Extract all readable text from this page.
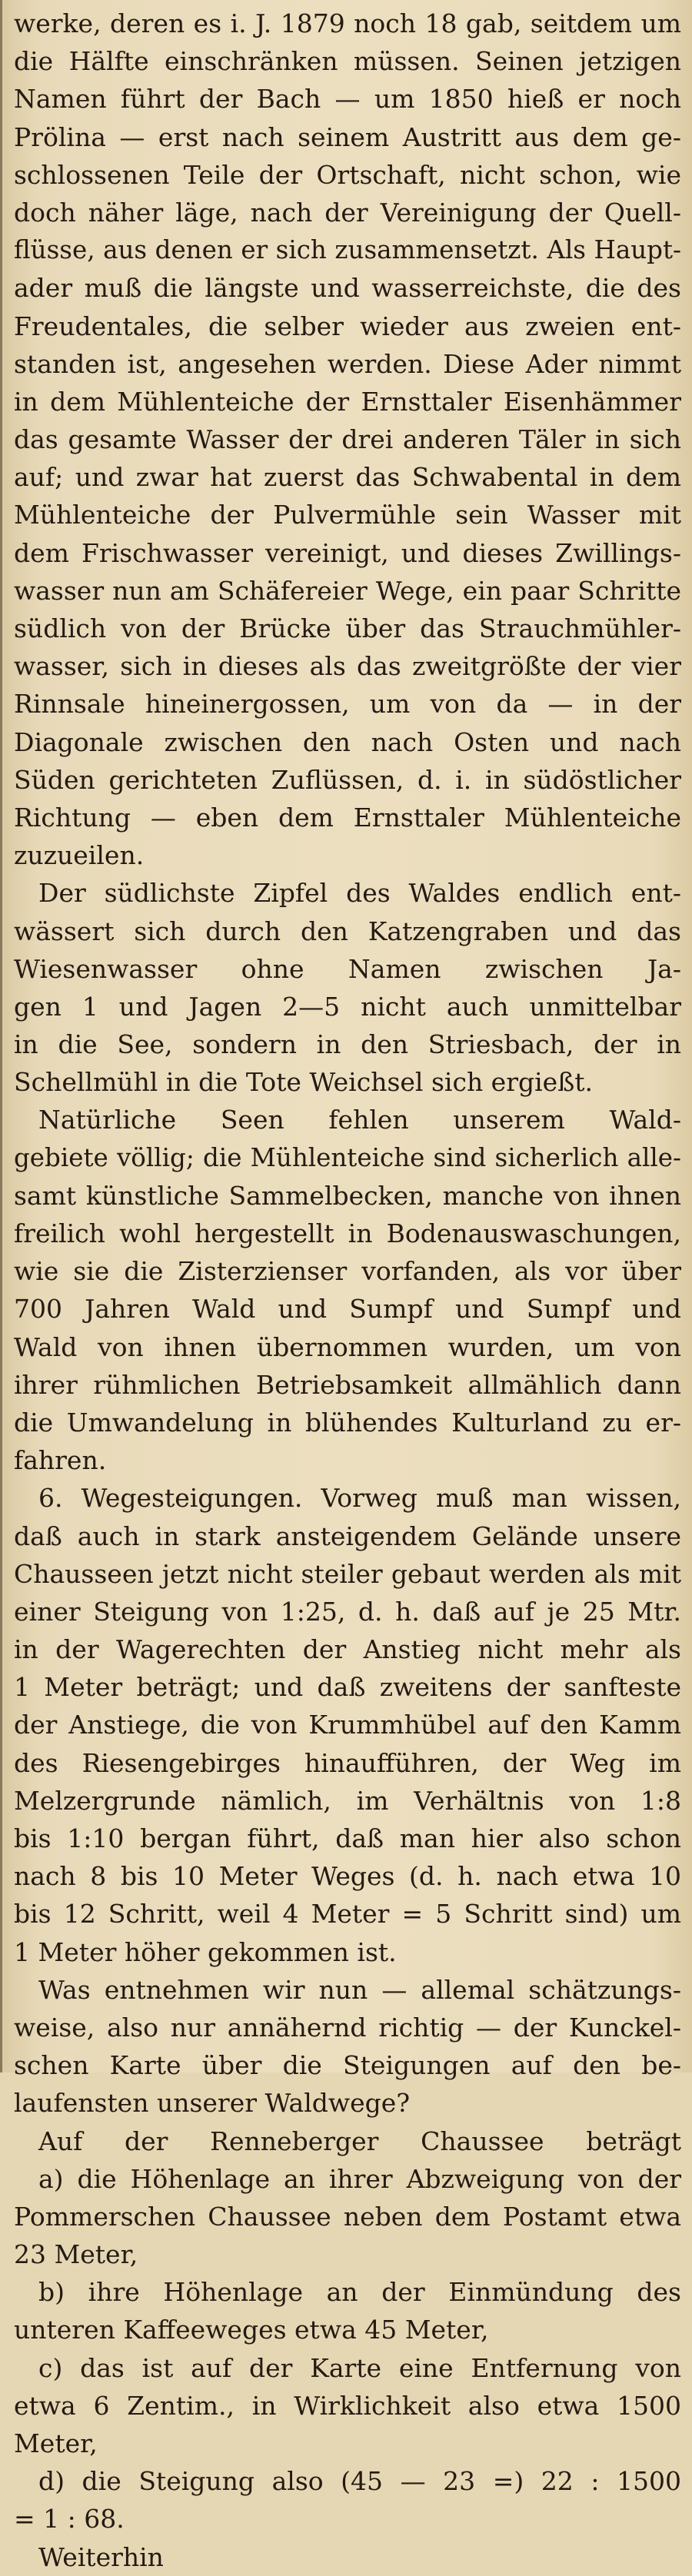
werke, deren es i. J. 1879 noch 18 gab, seitdem um
die Hälfte einschränken müssen. Seinen jetzigen
Namen führt der Bach — um 1850 hieß er noch
Prölina — erst nach seinem Austritt aus dem ge-
schlossenen Teile der Ortschaft, nicht schon, wie
doch näher läge, nach der Vereinigung der Quell-
flüsse, aus denen er sich zusammensetzt. Als Haupt-
ader muß die längste und wasserreichste, die des
Freudentales, die selber wieder aus zweien ent-
standen ist, angesehen werden. Diese Ader nimmt
in dem Mühlenteiche der Ernsttaler Eisenhämmer
das gesamte Wasser der drei anderen Täler in sich
auf; und zwar hat zuerst das Schwabental in dem
Mühlenteiche der Pulvermühle sein Wasser mit
dem Frischwasser vereinigt, und dieses Zwillings-
wasser nun am Schäfereier Wege, ein paar Schritte
südlich von der Brücke über das Strauchmühler-
wasser, sich in dieses als das zweitgrößte der vier
Rinnsale hineinergossen, um von da — in der
Diagonale zwischen den nach Osten und nach
Süden gerichteten Zuflüssen, d. i. in südöstlicher
Richtung — eben dem Ernsttaler Mühlenteiche
zuzueilen.
Der südlichste Zipfel des Waldes endlich ent-
wässert sich durch den Katzengraben und das
Wiesenwasser ohne Namen zwischen Ja-
gen 1 und Jagen 2—5 nicht auch unmittelbar
in die See, sondern in den Striesbach, der in
Schellmühl in die Tote Weichsel sich ergießt.
Natürliche Seen fehlen unserem Wald-
gebiete völlig; die Mühlenteiche sind sicherlich alle-
samt künstliche Sammelbecken, manche von ihnen
freilich wohl hergestellt in Bodenauswaschungen,
wie sie die Zisterzienser vorfanden, als vor über
700 Jahren Wald und Sumpf und Sumpf und
Wald von ihnen übernommen wurden, um von
ihrer rühmlichen Betriebsamkeit allmählich dann
die Umwandelung in blühendes Kulturland zu er-
fahren.
6. Wegesteigungen. Vorweg muß man wissen,
daß auch in stark ansteigendem Gelände unsere
Chausseen jetzt nicht steiler gebaut werden als mit
einer Steigung von 1:25, d. h. daß auf je 25 Mtr.
in der Wagerechten der Anstieg nicht mehr als
1 Meter beträgt; und daß zweitens der sanfteste
der Anstiege, die von Krummhübel auf den Kamm
des Riesengebirges hinaufführen, der Weg im
Melzergrunde nämlich, im Verhältnis von 1:8
bis 1:10 bergan führt, daß man hier also schon
nach 8 bis 10 Meter Weges (d. h. nach etwa 10
bis 12 Schritt, weil 4 Meter = 5 Schritt sind) um
1 Meter höher gekommen ist.
Was entnehmen wir nun — allemal schätzungs-
weise, also nur annähernd richtig — der Kunckel-
schen Karte über die Steigungen auf den be-
laufensten unserer Waldwege?
Auf der Renneberger Chaussee beträgt
a) die Höhenlage an ihrer Abzweigung von der
Pommerschen Chaussee neben dem Postamt etwa
23 Meter,
b) ihre Höhenlage an der Einmündung des
unteren Kaffeeweges etwa 45 Meter,
c) das ist auf der Karte eine Entfernung von
etwa 6 Zentim., in Wirklichkeit also etwa 1500
Meter,
d) die Steigung also (45 — 23 =) 22 : 1500
= 1 : 68.
Weiterhin
